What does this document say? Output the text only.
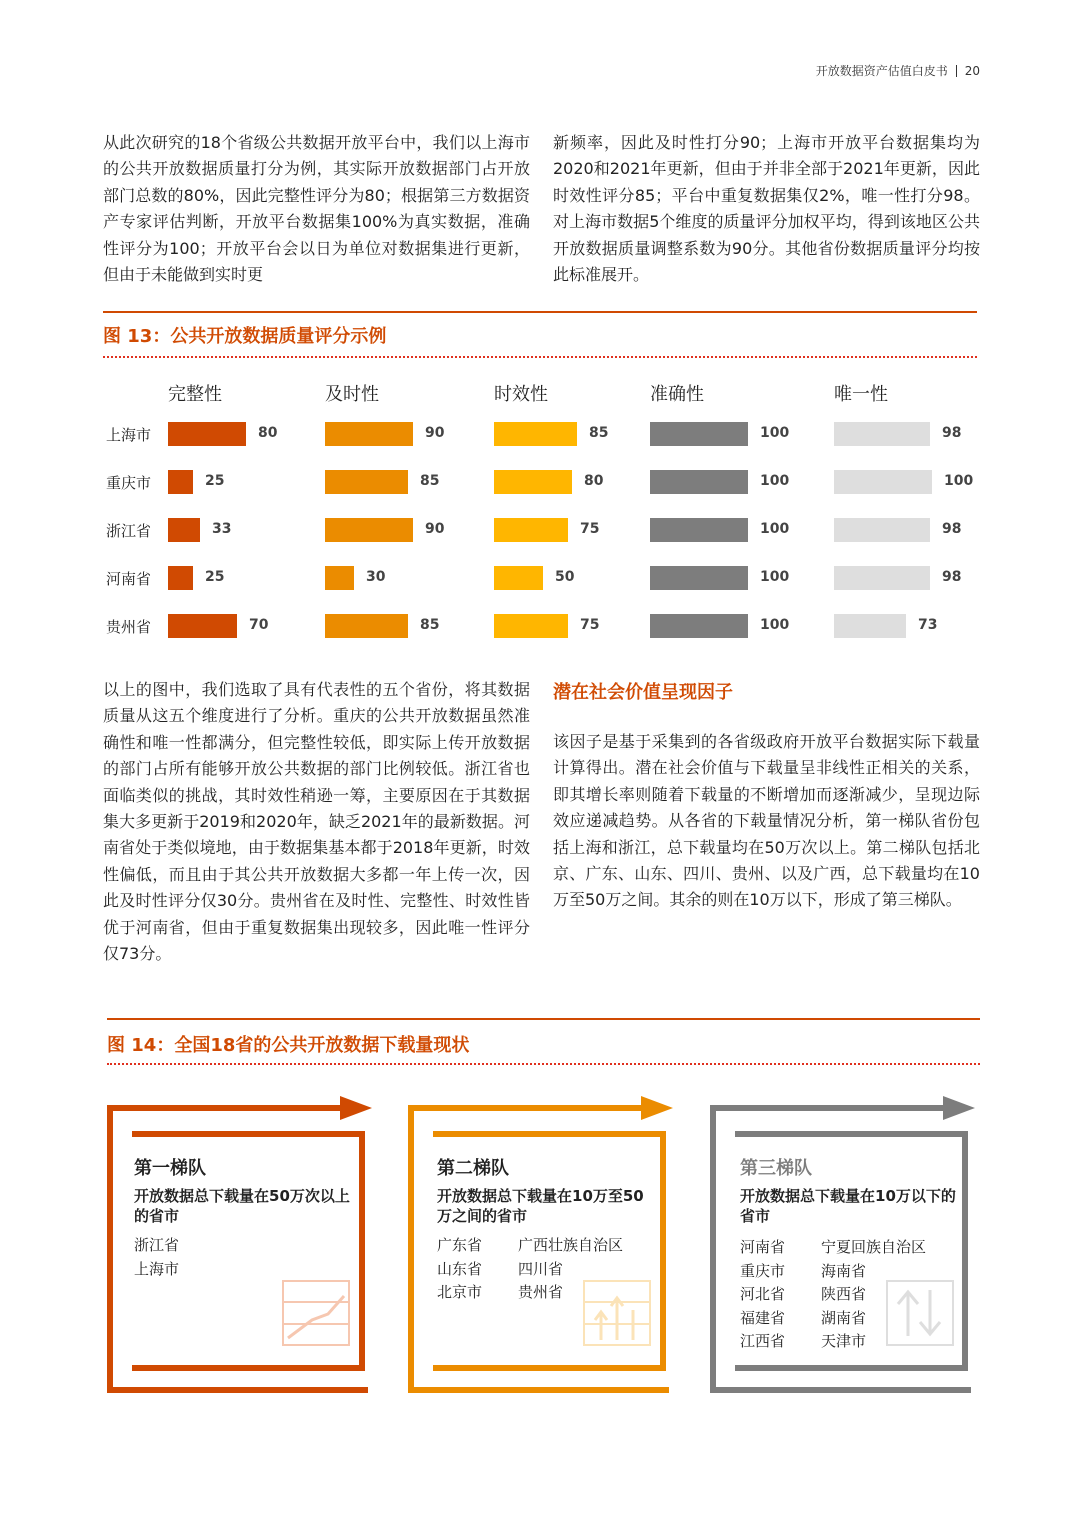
开放数据资产估值白皮书 20
从此次研究的18个省级公共数据开放平台中，我们以上海市的公共开放数据质量打分为例，其实际开放数据部门占开放部门总数的80%，因此完整性评分为80；根据第三方数据资产专家评估判断，开放平台数据集100%为真实数据，准确性评分为100；开放平台会以日为单位对数据集进行更新，但由于未能做到实时更
新频率，因此及时性打分90；上海市开放平台数据集均为2020和2021年更新，但由于并非全部于2021年更新，因此时效性评分85；平台中重复数据集仅2%，唯一性打分98。对上海市数据5个维度的质量评分加权平均，得到该地区公共开放数据质量调整系数为90分。其他省份数据质量评分均按此标准展开。
图 13：公共开放数据质量评分示例
完整性
80
25
33
25
70
及时性
90
85
90
30
85
时效性
85
80
75
50
75
准确性
100
100
100
100
100
唯一性
98
100
98
98
73
上海市
重庆市
浙江省
河南省
贵州省
以上的图中，我们选取了具有代表性的五个省份，将其数据质量从这五个维度进行了分析。重庆的公共开放数据虽然准确性和唯一性都满分，但完整性较低，即实际上传开放数据的部门占所有能够开放公共数据的部门比例较低。浙江省也面临类似的挑战，其时效性稍逊一筹，主要原因在于其数据集大多更新于2019和2020年，缺乏2021年的最新数据。河南省处于类似境地，由于数据集基本都于2018年更新，时效性偏低，而且由于其公共开放数据大多都一年上传一次，因此及时性评分仅30分。贵州省在及时性、完整性、时效性皆优于河南省，但由于重复数据集出现较多，因此唯一性评分仅73分。
潜在社会价值呈现因子
该因子是基于采集到的各省级政府开放平台数据实际下载量计算得出。潜在社会价值与下载量呈非线性正相关的关系，即其增长率则随着下载量的不断增加而逐渐减少，呈现边际效应递减趋势。从各省的下载量情况分析，第一梯队省份包括上海和浙江，总下载量均在50万次以上。第二梯队包括北京、广东、山东、四川、贵州、以及广西，总下载量均在10万至50万之间。其余的则在10万以下，形成了第三梯队。
图 14：全国18省的公共开放数据下载量现状
第一梯队
开放数据总下载量在50万次以上的省市
浙江省
上海市
第二梯队
开放数据总下载量在10万至50万之间的省市
广东省
山东省
北京市
广西壮族自治区
四川省
贵州省
第三梯队
开放数据总下载量在10万以下的省市
河南省
重庆市
河北省
福建省
江西省
宁夏回族自治区
海南省
陕西省
湖南省
天津市
